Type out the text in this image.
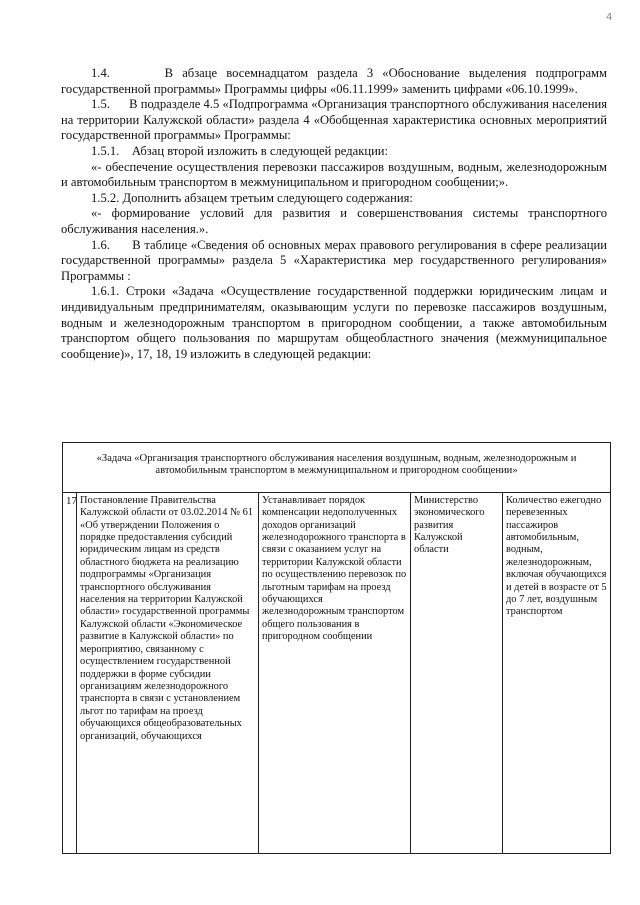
4

1.4.      В абзаце восемнадцатом раздела 3 «Обоснование выделения подпрограмм государственной программы» Программы цифры «06.11.1999» заменить цифрами «06.10.1999».

1.5.      В подразделе 4.5 «Подпрограмма «Организация транспортного обслуживания населения на территории Калужской области» раздела 4 «Обобщенная характеристика основных мероприятий государственной программы» Программы:

1.5.1.    Абзац второй изложить в следующей редакции:

«- обеспечение осуществления перевозки пассажиров воздушным, водным, железнодорожным и автомобильным транспортом в межмуниципальном и пригородном сообщении;».

1.5.2. Дополнить абзацем третьим следующего содержания:

«- формирование условий для развития и совершенствования системы транспортного обслуживания населения.».

1.6.      В таблице «Сведения об основных мерах правового регулирования в сфере реализации государственной программы» раздела 5 «Характеристика мер государственного регулирования» Программы :

1.6.1. Строки «Задача «Осуществление государственной поддержки юридическим лицам и индивидуальным предпринимателям, оказывающим услуги по перевозке пассажиров воздушным, водным и железнодорожным транспортом в пригородном сообщении, а также автомобильным транспортом общего пользования по маршрутам общеобластного значения (межмуниципальное сообщение)», 17, 18, 19 изложить в следующей редакции:

«Задача «Организация транспортного обслуживания населения воздушным, водным, железнодорожным и автомобильным транспортом в межмуниципальном и пригородном сообщении»
17	Постановление Правительства Калужской области от 03.02.2014 № 61 «Об утверждении Положения о порядке предоставления субсидий юридическим лицам из средств областного бюджета на реализацию подпрограммы «Организация транспортного обслуживания населения на территории Калужской области» государственной программы Калужской области «Экономическое развитие в Калужской области» по мероприятию, связанному с осуществлением государственной поддержки в форме субсидии организациям железнодорожного транспорта в связи с установлением льгот по тарифам на проезд обучающихся общеобразовательных организаций, обучающихся	Устанавливает порядок компенсации недополученных доходов организаций железнодорожного транспорта в связи с оказанием услуг на территории Калужской области по осуществлению перевозок по льготным тарифам на проезд обучающихся железнодорожным транспортом общего пользования в пригородном сообщении	Министерство экономического развития Калужской области	Количество ежегодно перевезенных пассажиров автомобильным, водным, железнодорожным, включая обучающихся и детей в возрасте от 5 до 7 лет, воздушным транспортом
